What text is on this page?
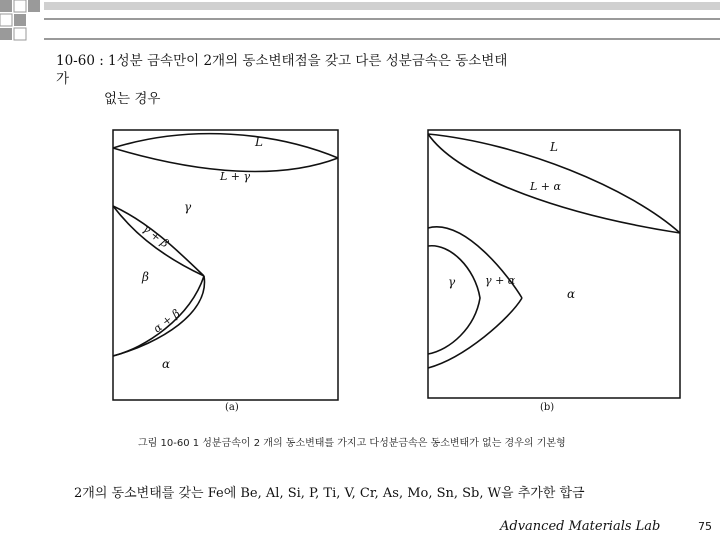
10-60 : 1성분 금속만이 2개의 동소변태점을 갖고 다른 성분금속은 동소변태
가
없는 경우
L
L + γ
γ
γ + β
β
α + β
α
(a)
L
L + α
γ	γ + α
α
(b)
그림 10-60 1 성분금속이 2 개의 동소변태를 가지고 다성분금속은 동소변태가 없는 경우의 기본형
2개의 동소변태를 갖는 Fe에 Be, Al, Si, P, Ti, V, Cr, As, Mo, Sn, Sb, W을 추가한 합금
Advanced Materials Lab	75
